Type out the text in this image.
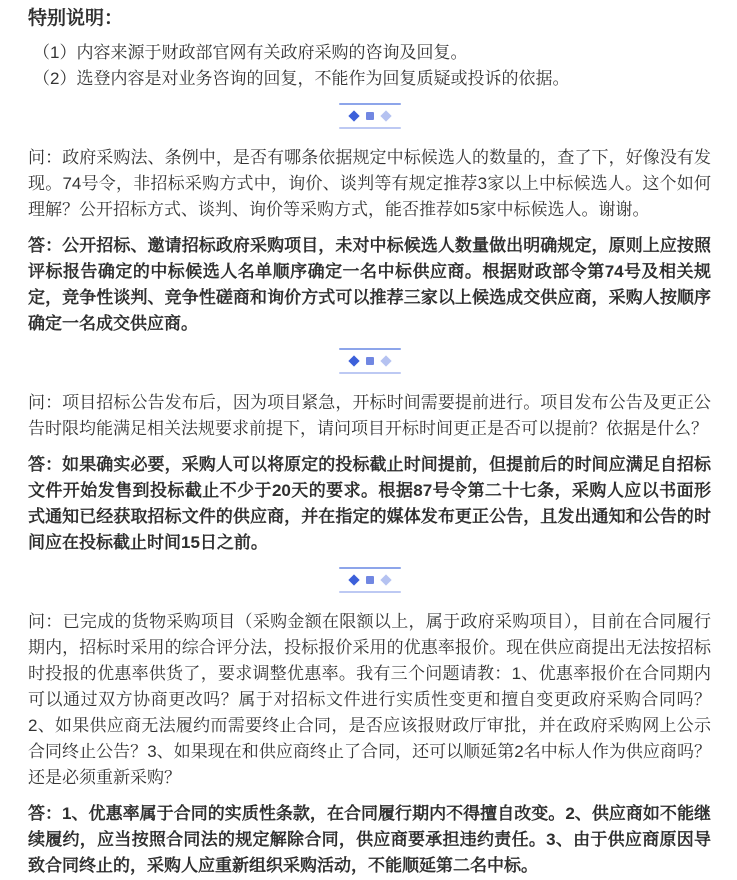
特别说明：

（1）内容来源于财政部官网有关政府采购的咨询及回复。

（2）选登内容是对业务咨询的回复，不能作为回复质疑或投诉的依据。

问：政府采购法、条例中，是否有哪条依据规定中标候选人的数量的，查了下，好像没有发现。74号令，非招标采购方式中，询价、谈判等有规定推荐3家以上中标候选人。这个如何理解？公开招标方式、谈判、询价等采购方式，能否推荐如5家中标候选人。谢谢。

答：公开招标、邀请招标政府采购项目，未对中标候选人数量做出明确规定，原则上应按照评标报告确定的中标候选人名单顺序确定一名中标供应商。根据财政部令第74号及相关规定，竞争性谈判、竞争性磋商和询价方式可以推荐三家以上候选成交供应商，采购人按顺序确定一名成交供应商。

问：项目招标公告发布后，因为项目紧急，开标时间需要提前进行。项目发布公告及更正公告时限均能满足相关法规要求前提下，请问项目开标时间更正是否可以提前？依据是什么？

答：如果确实必要，采购人可以将原定的投标截止时间提前，但提前后的时间应满足自招标文件开始发售到投标截止不少于20天的要求。根据87号令第二十七条，采购人应以书面形式通知已经获取招标文件的供应商，并在指定的媒体发布更正公告，且发出通知和公告的时间应在投标截止时间15日之前。

问：已完成的货物采购项目（采购金额在限额以上，属于政府采购项目），目前在合同履行期内，招标时采用的综合评分法，投标报价采用的优惠率报价。现在供应商提出无法按招标时投报的优惠率供货了，要求调整优惠率。我有三个问题请教：1、优惠率报价在合同期内可以通过双方协商更改吗？属于对招标文件进行实质性变更和擅自变更政府采购合同吗？2、如果供应商无法履约而需要终止合同，是否应该报财政厅审批，并在政府采购网上公示合同终止公告？3、如果现在和供应商终止了合同，还可以顺延第2名中标人作为供应商吗？还是必须重新采购？

答：1、优惠率属于合同的实质性条款，在合同履行期内不得擅自改变。2、供应商如不能继续履约，应当按照合同法的规定解除合同，供应商要承担违约责任。3、由于供应商原因导致合同终止的，采购人应重新组织采购活动，不能顺延第二名中标。
